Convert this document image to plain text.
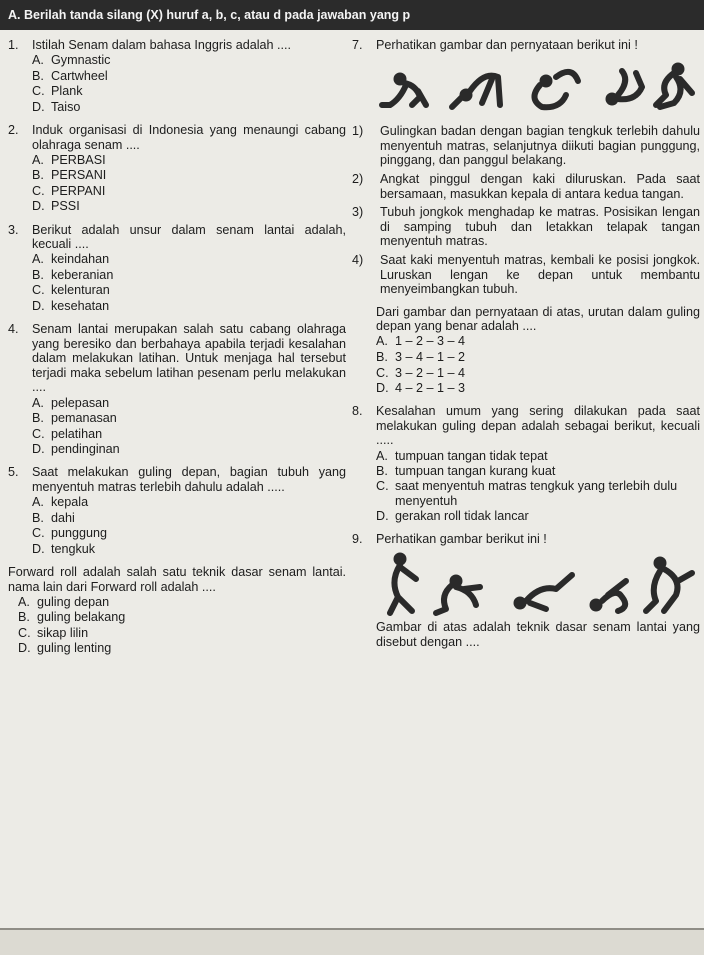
A. Berilah tanda silang (X) huruf a, b, c, atau d pada jawaban yang p
1.	Istilah Senam dalam bahasa Inggris adalah ....
A. Gymnastic
B. Cartwheel
C. Plank
D. Taiso
2.	Induk organisasi di Indonesia yang menaungi cabang olahraga senam ....
A. PERBASI
B. PERSANI
C. PERPANI
D. PSSI
3.	Berikut adalah unsur dalam senam lantai adalah, kecuali ....
A. keindahan
B. keberanian
C. kelenturan
D. kesehatan
4.	Senam lantai merupakan salah satu cabang olahraga yang beresiko dan berbahaya apabila terjadi kesalahan dalam melakukan latihan. Untuk menjaga hal tersebut terjadi maka sebelum latihan pesenam perlu melakukan ....
A. pelepasan
B. pemanasan
C. pelatihan
D. pendinginan
5.	Saat melakukan guling depan, bagian tubuh yang menyentuh matras terlebih dahulu adalah .....
A. kepala
B. dahi
C. punggung
D. tengkuk
Forward roll adalah salah satu teknik dasar senam lantai. nama lain dari Forward roll adalah ....
A. guling depan
B. guling belakang
C. sikap lilin
D. guling lenting
7.	Perhatikan gambar dan pernyataan berikut ini !
1)	Gulingkan badan dengan bagian tengkuk terlebih dahulu menyentuh matras, selanjutnya diikuti bagian punggung, pinggang, dan panggul belakang.
2)	Angkat pinggul dengan kaki diluruskan. Pada saat bersamaan, masukkan kepala di antara kedua tangan.
3)	Tubuh jongkok menghadap ke matras. Posisikan lengan di samping tubuh dan letakkan telapak tangan menyentuh matras.
4)	Saat kaki menyentuh matras, kembali ke posisi jongkok. Luruskan lengan ke depan untuk membantu menyeimbangkan tubuh.
Dari gambar dan pernyataan di atas, urutan dalam guling depan yang benar adalah ....
A. 1 – 2 – 3 – 4
B. 3 – 4 – 1 – 2
C. 3 – 2 – 1 – 4
D. 4 – 2 – 1 – 3
8.	Kesalahan umum yang sering dilakukan pada saat melakukan guling depan adalah sebagai berikut, kecuali .....
A. tumpuan tangan tidak tepat
B. tumpuan tangan kurang kuat
C. saat menyentuh matras tengkuk yang terlebih dulu menyentuh
D. gerakan roll tidak lancar
9.	Perhatikan gambar berikut ini !
Gambar di atas adalah teknik dasar senam lantai yang disebut dengan ....
